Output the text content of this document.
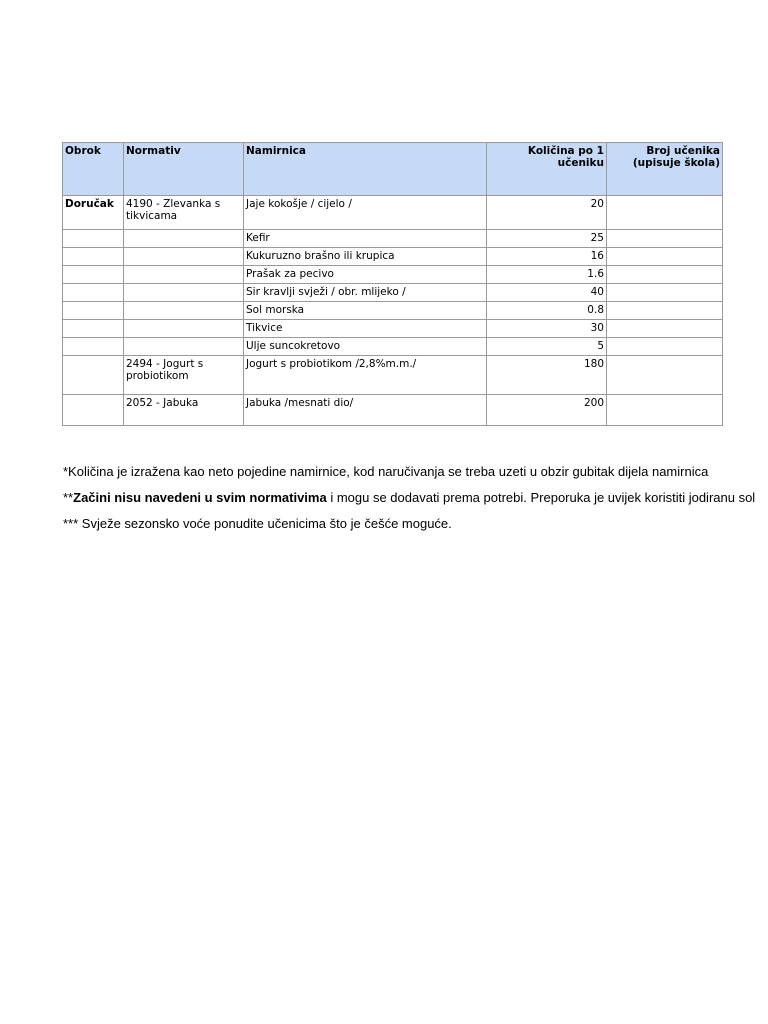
Obrok	Normativ	Namirnica	Količina po 1 učeniku	Broj učenika (upisuje škola)
Doručak	4190 - Zlevanka s tikvicama	Jaje kokošje / cijelo /	20	
		Kefir	25	
		Kukuruzno brašno ili krupica	16	
		Prašak za pecivo	1.6	
		Sir kravlji svježi / obr. mlijeko /	40	
		Sol morska	0.8	
		Tikvice	30	
		Ulje suncokretovo	5	
	2494 - Jogurt s probiotikom	Jogurt s probiotikom /2,8%m.m./	180	
	2052 - Jabuka	Jabuka /mesnati dio/	200	

*Količina je izražena kao neto pojedine namirnice, kod naručivanja se treba uzeti u obzir gubitak dijela namirnica

**Začini nisu navedeni u svim normativima i mogu se dodavati prema potrebi. Preporuka je uvijek koristiti jodiranu sol

*** Svježe sezonsko voće ponudite učenicima što je češće moguće.
